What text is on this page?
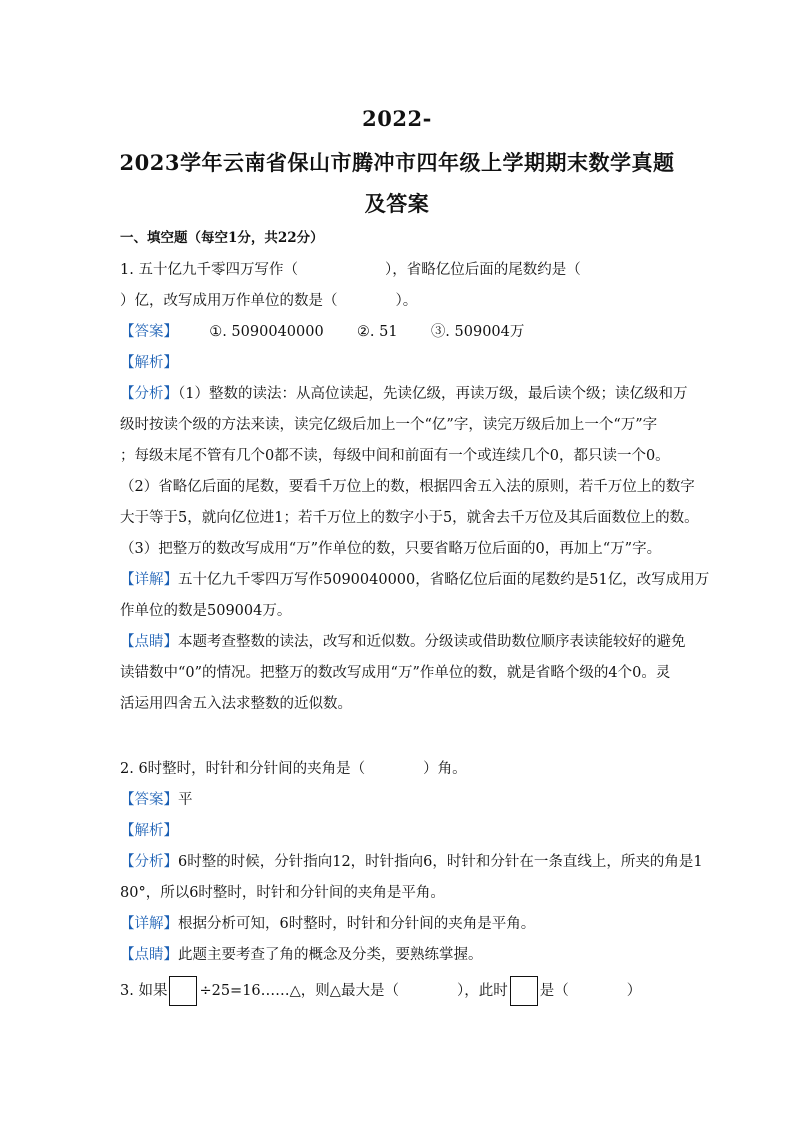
2022-
2023学年云南省保山市腾冲市四年级上学期期末数学真题
及答案
一、填空题（每空1分，共22分）
1. 五十亿九千零四万写作（　　　　　　），省略亿位后面的尾数约是（
）亿，改写成用万作单位的数是（　　　　）。
【答案】 ①. 5090040000 ②. 51 ③. 509004万
【解析】
【分析】（1）整数的读法：从高位读起，先读亿级，再读万级，最后读个级；读亿级和万
级时按读个级的方法来读，读完亿级后加上一个“亿”字，读完万级后加上一个“万”字
；每级末尾不管有几个0都不读，每级中间和前面有一个或连续几个0，都只读一个0。
（2）省略亿后面的尾数，要看千万位上的数，根据四舍五入法的原则，若千万位上的数字
大于等于5，就向亿位进1；若千万位上的数字小于5，就舍去千万位及其后面数位上的数。
（3）把整万的数改写成用“万”作单位的数，只要省略万位后面的0，再加上“万”字。
【详解】五十亿九千零四万写作5090040000，省略亿位后面的尾数约是51亿，改写成用万
作单位的数是509004万。
【点睛】本题考查整数的读法，改写和近似数。分级读或借助数位顺序表读能较好的避免
读错数中“0”的情况。把整万的数改写成用“万”作单位的数，就是省略个级的4个0。灵
活运用四舍五入法求整数的近似数。
2. 6时整时，时针和分针间的夹角是（　　　　）角。
【答案】平
【解析】
【分析】6时整的时候，分针指向12，时针指向6，时针和分针在一条直线上，所夹的角是1
80°，所以6时整时，时针和分针间的夹角是平角。
【详解】根据分析可知，6时整时，时针和分针间的夹角是平角。
【点睛】此题主要考查了角的概念及分类，要熟练掌握。
3. 如果 ÷25=16……△，则△最大是（　　　　），此时 是（　　　　）
